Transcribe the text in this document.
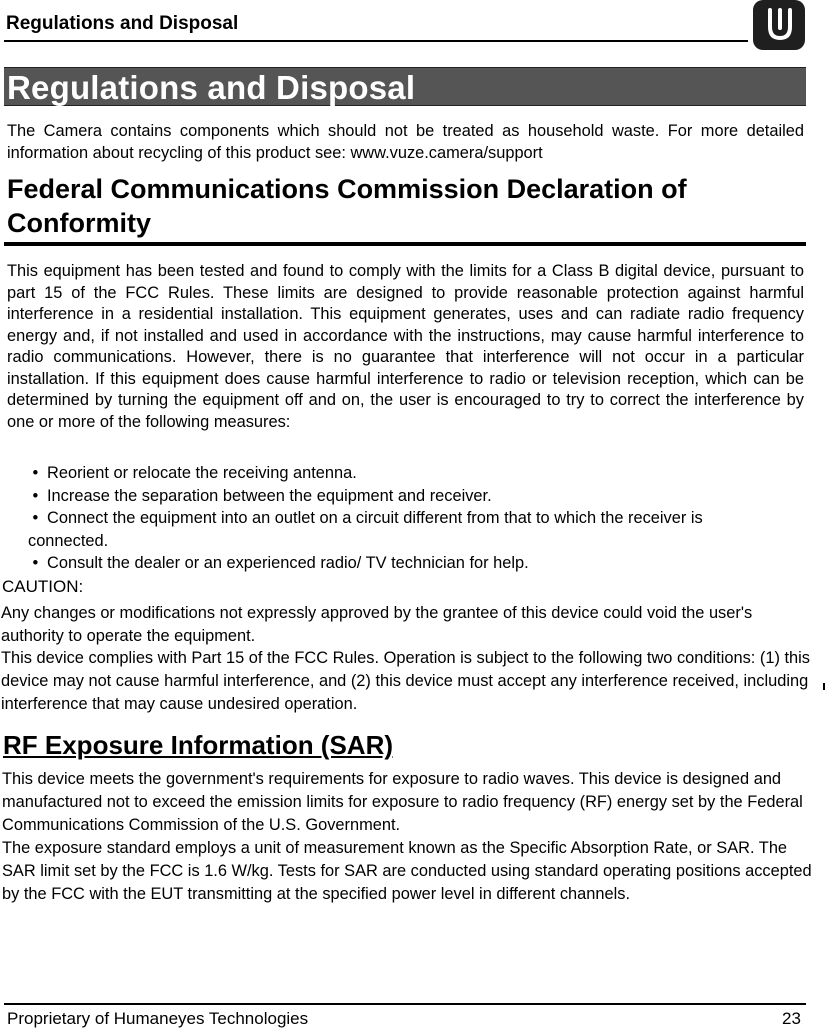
Regulations and Disposal
Regulations and Disposal

The Camera contains components which should not be treated as household waste. For more detailed information about recycling of this product see: www.vuze.camera/support

Federal Communications Commission Declaration of Conformity

This equipment has been tested and found to comply with the limits for a Class B digital device, pursuant to part 15 of the FCC Rules. These limits are designed to provide reasonable protection against harmful interference in a residential installation. This equipment generates, uses and can radiate radio frequency energy and, if not installed and used in accordance with the instructions, may cause harmful interference to radio communications. However, there is no guarantee that interference will not occur in a particular installation. If this equipment does cause harmful interference to radio or television reception, which can be determined by turning the equipment off and on, the user is encouraged to try to correct the interference by one or more of the following measures:

• Reorient or relocate the receiving antenna.
• Increase the separation between the equipment and receiver.
• Connect the equipment into an outlet on a circuit different from that to which the receiver is
connected.
• Consult the dealer or an experienced radio/ TV technician for help.
CAUTION:

Any changes or modifications not expressly approved by the grantee of this device could void the user's authority to operate the equipment.

This device complies with Part 15 of the FCC Rules. Operation is subject to the following two conditions: (1) this device may not cause harmful interference, and (2) this device must accept any interference received, including interference that may cause undesired operation.

RF Exposure Information (SAR)

This device meets the government's requirements for exposure to radio waves. This device is designed and manufactured not to exceed the emission limits for exposure to radio frequency (RF) energy set by the Federal Communications Commission of the U.S. Government.

The exposure standard employs a unit of measurement known as the Specific Absorption Rate, or SAR. The SAR limit set by the FCC is 1.6 W/kg. Tests for SAR are conducted using standard operating positions accepted by the FCC with the EUT transmitting at the specified power level in different channels.

Proprietary of Humaneyes Technologies	23
